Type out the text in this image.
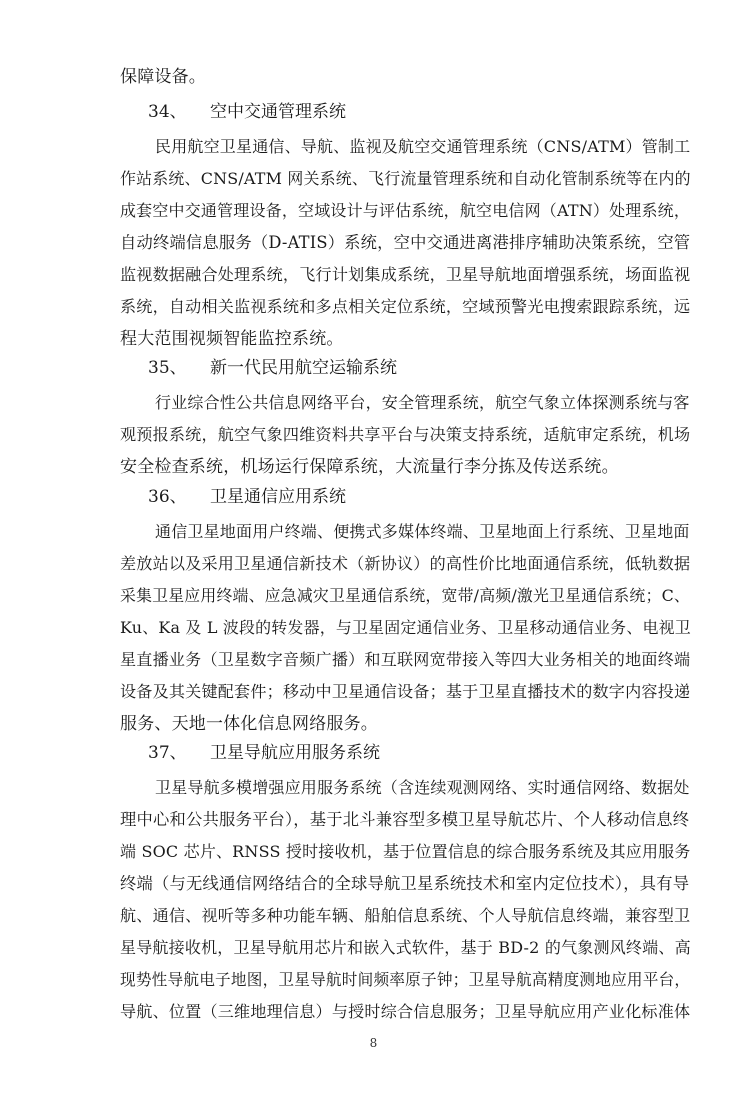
保障设备。
34、 空中交通管理系统
民用航空卫星通信、导航、监视及航空交通管理系统（CNS/ATM）管制工
作站系统、CNS/ATM 网关系统、飞行流量管理系统和自动化管制系统等在内的
成套空中交通管理设备，空域设计与评估系统，航空电信网（ATN）处理系统，
自动终端信息服务（D-ATIS）系统，空中交通进离港排序辅助决策系统，空管
监视数据融合处理系统，飞行计划集成系统，卫星导航地面增强系统，场面监视
系统，自动相关监视系统和多点相关定位系统，空域预警光电搜索跟踪系统，远
程大范围视频智能监控系统。
35、 新一代民用航空运输系统
行业综合性公共信息网络平台，安全管理系统，航空气象立体探测系统与客
观预报系统，航空气象四维资料共享平台与决策支持系统，适航审定系统，机场
安全检查系统，机场运行保障系统，大流量行李分拣及传送系统。
36、 卫星通信应用系统
通信卫星地面用户终端、便携式多媒体终端、卫星地面上行系统、卫星地面
差放站以及采用卫星通信新技术（新协议）的高性价比地面通信系统，低轨数据
采集卫星应用终端、应急减灾卫星通信系统，宽带/高频/激光卫星通信系统；C、
Ku、Ka 及 L 波段的转发器，与卫星固定通信业务、卫星移动通信业务、电视卫
星直播业务（卫星数字音频广播）和互联网宽带接入等四大业务相关的地面终端
设备及其关键配套件；移动中卫星通信设备；基于卫星直播技术的数字内容投递
服务、天地一体化信息网络服务。
37、 卫星导航应用服务系统
卫星导航多模增强应用服务系统（含连续观测网络、实时通信网络、数据处
理中心和公共服务平台），基于北斗兼容型多模卫星导航芯片、个人移动信息终
端 SOC 芯片、RNSS 授时接收机，基于位置信息的综合服务系统及其应用服务
终端（与无线通信网络结合的全球导航卫星系统技术和室内定位技术），具有导
航、通信、视听等多种功能车辆、船舶信息系统、个人导航信息终端，兼容型卫
星导航接收机，卫星导航用芯片和嵌入式软件，基于 BD-2 的气象测风终端、高
现势性导航电子地图，卫星导航时间频率原子钟；卫星导航高精度测地应用平台，
导航、位置（三维地理信息）与授时综合信息服务；卫星导航应用产业化标准体
8
